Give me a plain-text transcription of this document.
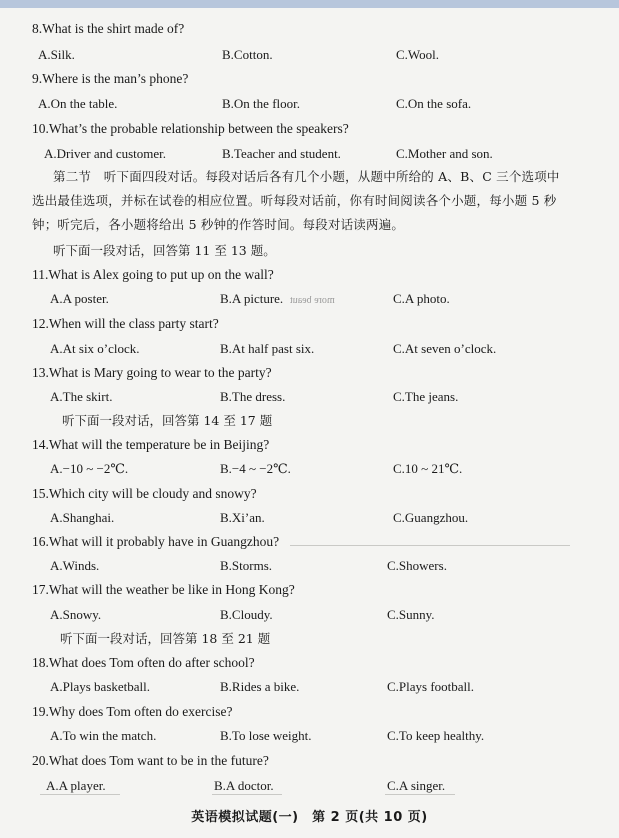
8.What is the shirt made of?
A.Silk.	B.Cotton.	C.Wool.
9.Where is the man’s phone?
A.On the table.	B.On the floor.	C.On the sofa.
10.What’s the probable relationship between the speakers?
A.Driver and customer.	B.Teacher and student.	C.Mother and son.
第二节　听下面四段对话。每段对话后各有几个小题，从题中所给的 A、B、C 三个选项中
选出最佳选项，并标在试卷的相应位置。听每段对话前，你有时间阅读各个小题，每小题 5 秒
钟；听完后，各小题将给出 5 秒钟的作答时间。每段对话读两遍。
听下面一段对话，回答第 11 至 13 题。
11.What is Alex going to put up on the wall?
A.A poster.	B.A picture. more beaut	C.A photo.
12.When will the class party start?
A.At six o’clock.	B.At half past six.	C.At seven o’clock.
13.What is Mary going to wear to the party?
A.The skirt.	B.The dress.	C.The jeans.
听下面一段对话，回答第 14 至 17 题
14.What will the temperature be in Beijing?
A.−10 ~ −2℃.	B.−4 ~ −2℃.	C.10 ~ 21℃.
15.Which city will be cloudy and snowy?
A.Shanghai.	B.Xi’an.	C.Guangzhou.
16.What will it probably have in Guangzhou?
A.Winds.	B.Storms.	C.Showers.
17.What will the weather be like in Hong Kong?
A.Snowy.	B.Cloudy.	C.Sunny.
听下面一段对话，回答第 18 至 21 题
18.What does Tom often do after school?
A.Plays basketball.	B.Rides a bike.	C.Plays football.
19.Why does Tom often do exercise?
A.To win the match.	B.To lose weight.	C.To keep healthy.
20.What does Tom want to be in the future?
A.A player.	B.A doctor.	C.A singer.
英语模拟试题(一)　第 2 页(共 10 页)
